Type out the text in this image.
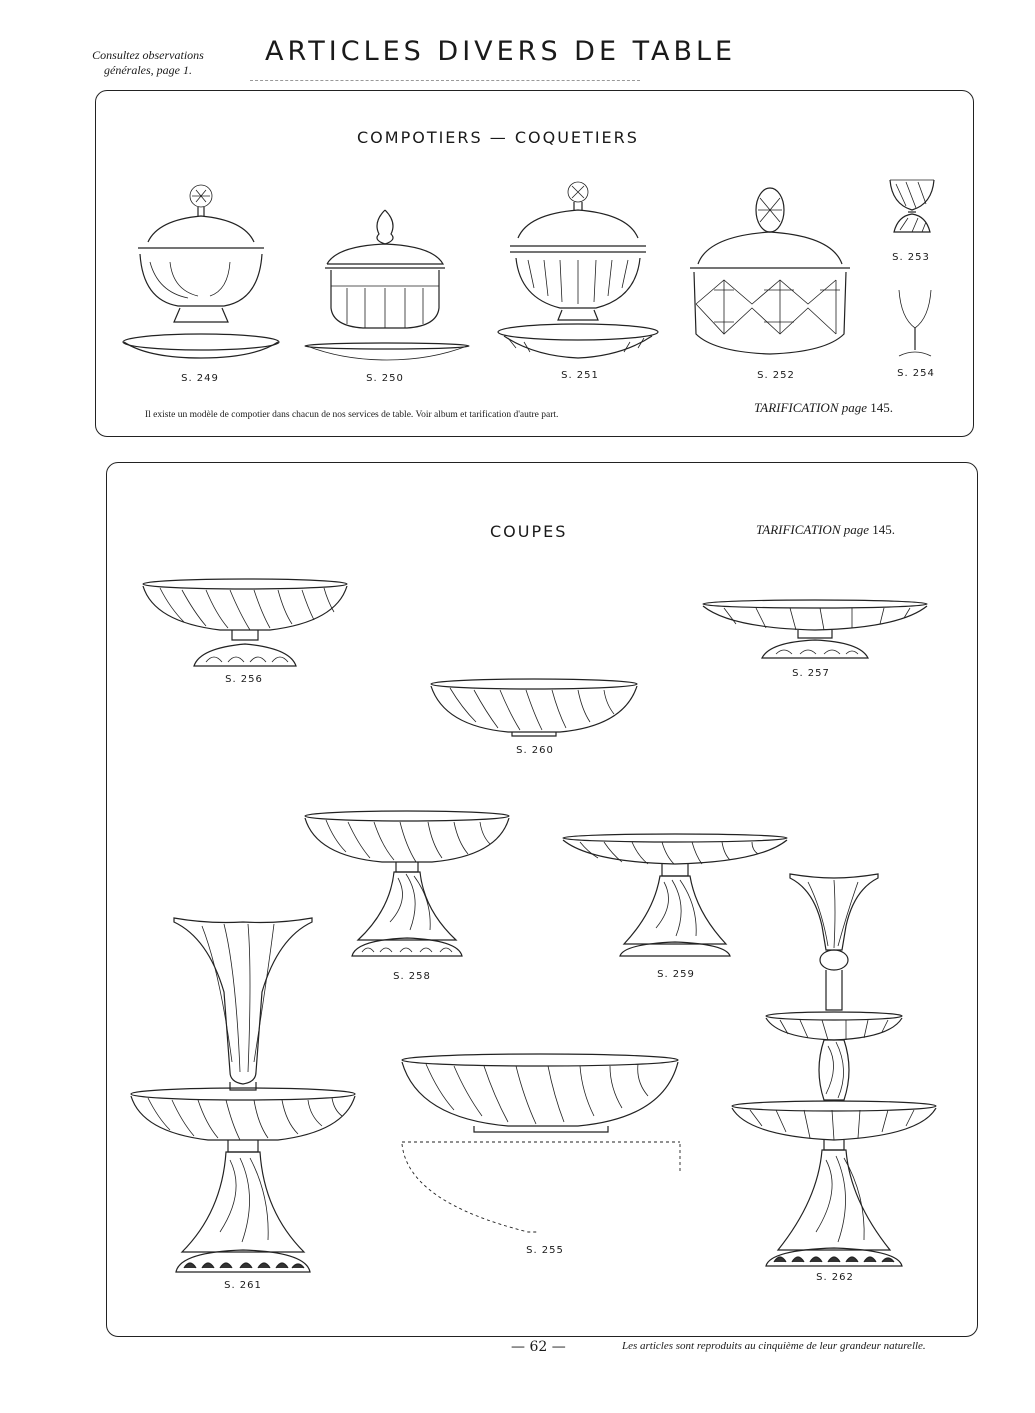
Consultez observations
générales, page 1.
ARTICLES DIVERS DE TABLE
COMPOTIERS — COQUETIERS
S. 249	S. 250	S. 251	S. 252
S. 253
S. 254
Il existe un modèle de compotier dans chacun de nos services de table. Voir album et tarification d'autre part.	TARIFICATION page 145.
COUPES	TARIFICATION page 145.
S. 256
S. 257
S. 260
S. 258	S. 259
S. 261
S. 255
S. 262
— 62 —	Les articles sont reproduits au cinquième de leur grandeur naturelle.
